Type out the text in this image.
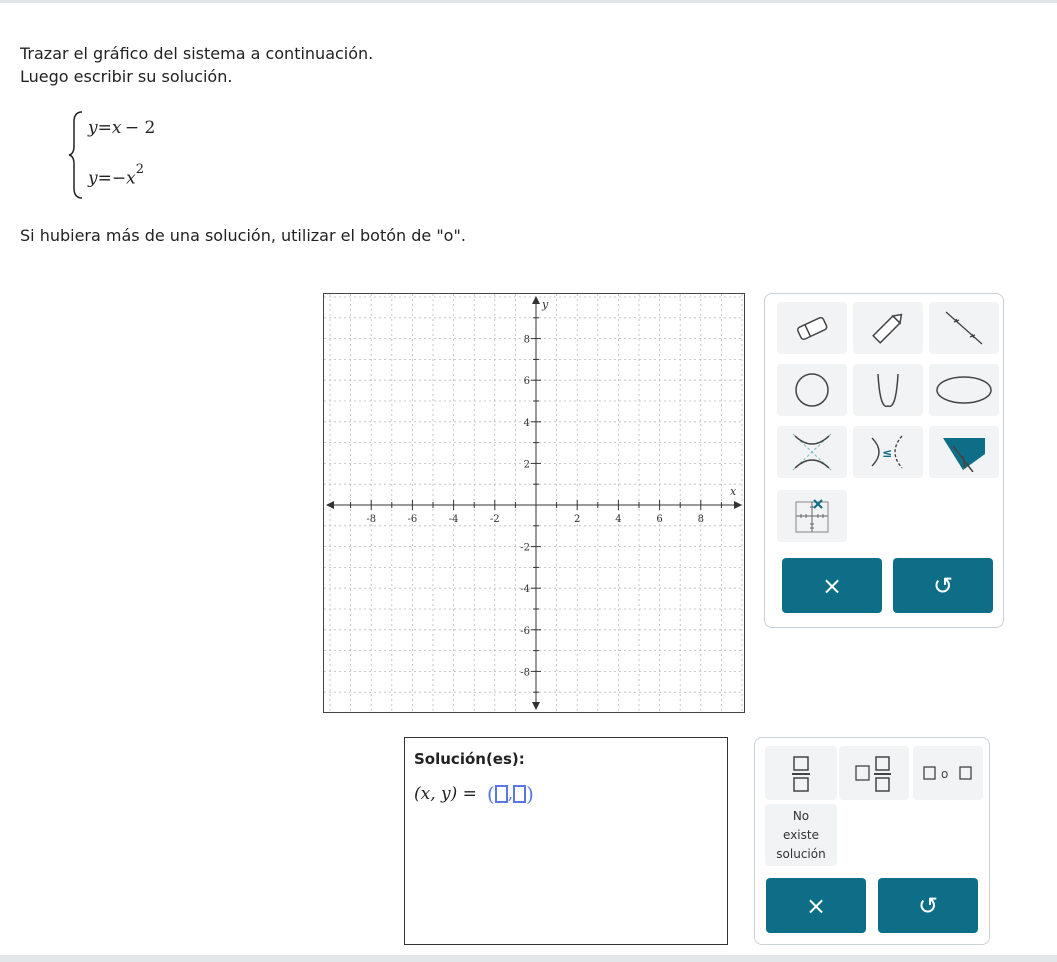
Trazar el gráfico del sistema a continuación.
Luego escribir su solución.
y=x  − 2
$y=-x^2$
Si hubiera más de una solución, utilizar el botón de "o".
-8	-6	-4	-2	2	4	6	8
8
6
4
2
-2
-4
-6
-8
x
y
≤
×	↺
Solución(es):
(x, y) = ( , )
o
No
existe
solución
×	↺
